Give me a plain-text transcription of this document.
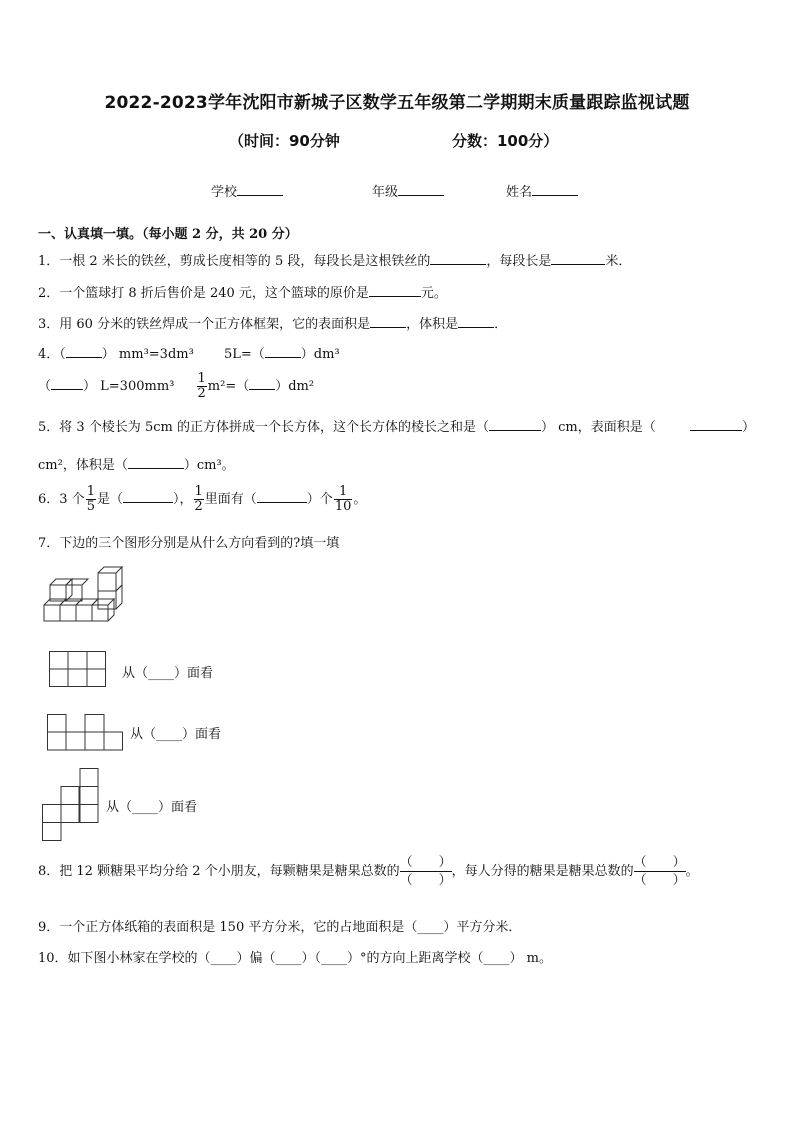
2022-2023学年沈阳市新城子区数学五年级第二学期期末质量跟踪监视试题
（时间：90分钟	分数：100分）
学校	年级	姓名
一、认真填一填。（每小题 2 分，共 20 分）
1．一根 2 米长的铁丝，剪成长度相等的 5 段，每段长是这根铁丝的	，每段长是	米．
2．一个篮球打 8 折后售价是 240 元，这个篮球的原价是	元。
3．用 60 分米的铁丝焊成一个正方体框架，它的表面积是	，体积是	．
4．（	） mm³=3dm³ 5L=（	）dm³
（ ） $L=300mm^3 \frac{1}{2} m^2=$（ ）dm²
5．将 3 个棱长为 5cm 的正方体拼成一个长方体，这个长方体的棱长之和是（	） cm，表面积是（	）
cm²，体积是（	）cm³。
6．3 个 $\frac{1}{5}$ 是（	）， $\frac{1}{2}$ 里面有（	）个 $\frac{1}{10}$ 。
7．下边的三个图形分别是从什么方向看到的?填一填
从（____）面看
从（____）面看
从（____）面看
8．把 12 颗糖果平均分给 2 个小朋友，每颗糖果是糖果总数的
（　　）
（　　），每人分得的糖果是糖果总数的
（　　）
（　　）。
9．一个正方体纸箱的表面积是 150 平方分米，它的占地面积是（____）平方分米．
10．如下图小林家在学校的（____）偏（____）（____）°的方向上距离学校（____） m。
